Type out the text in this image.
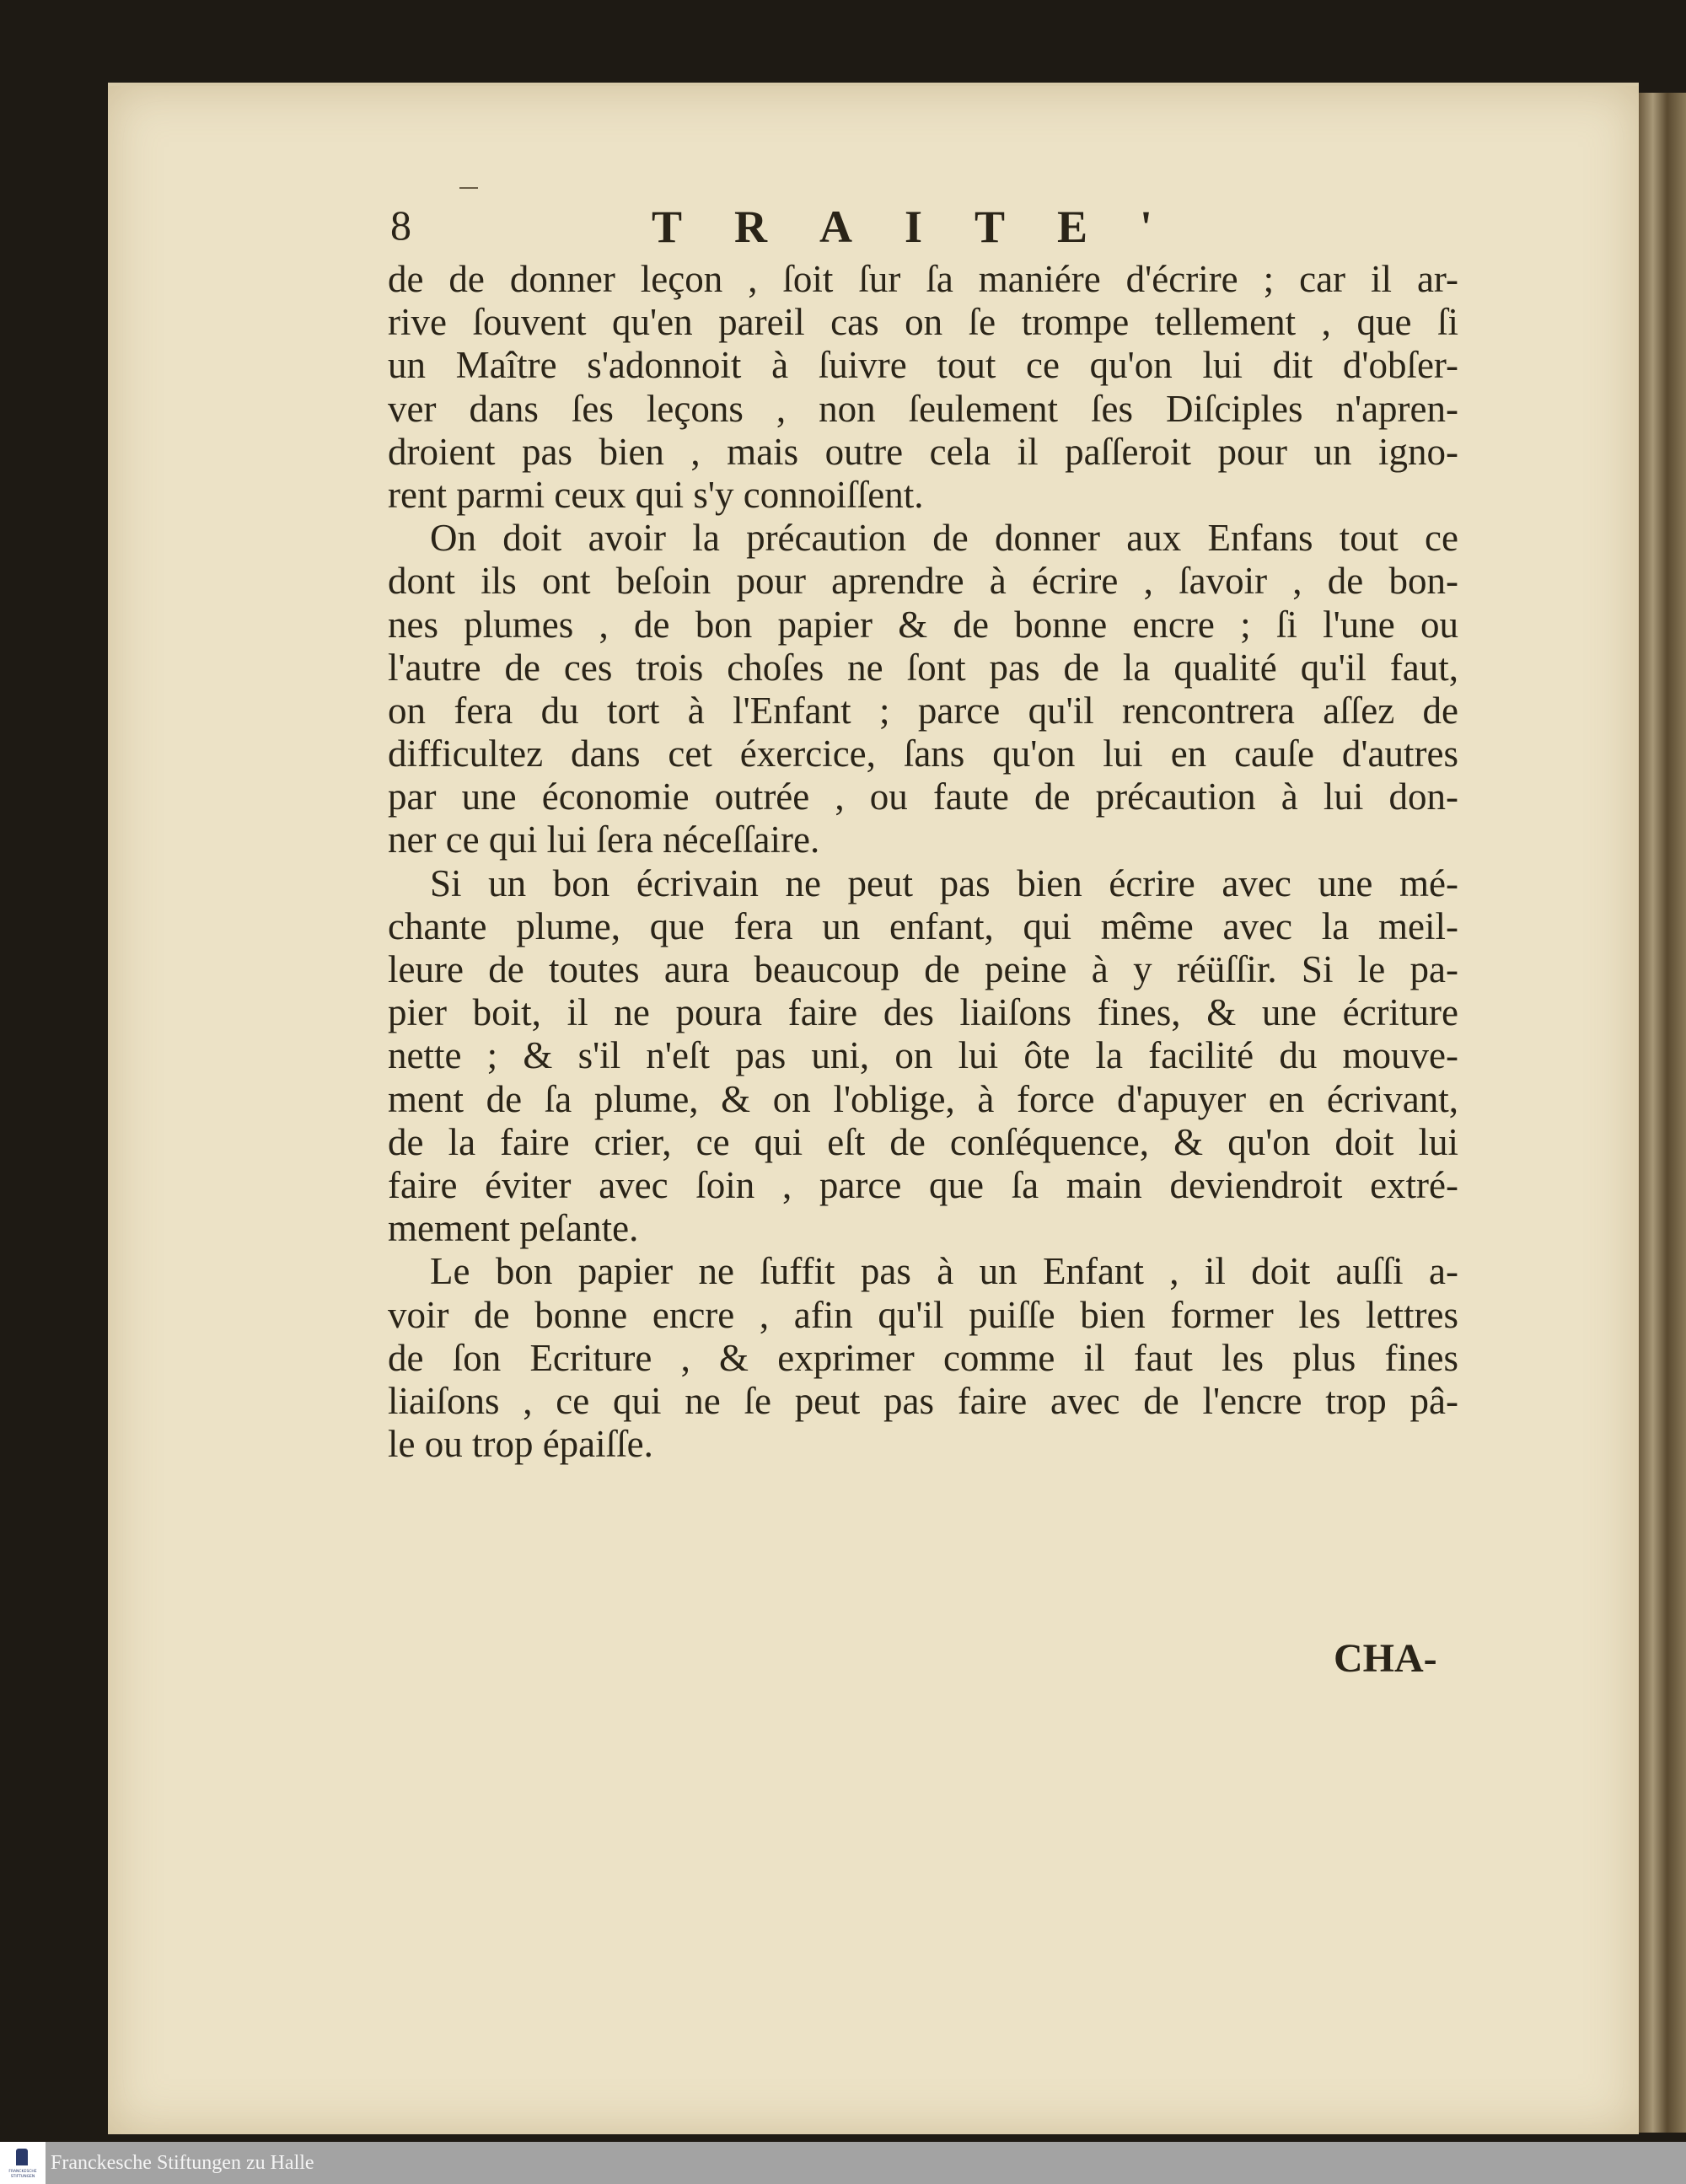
8	TRAITE'
de de donner leçon , ſoit ſur ſa maniére d'écrire ; car il ar-
rive ſouvent qu'en pareil cas on ſe trompe tellement , que ſi
un Maître s'adonnoit à ſuivre tout ce qu'on lui dit d'obſer-
ver dans ſes leçons , non ſeulement ſes Diſciples n'apren-
droient pas bien , mais outre cela il paſſeroit pour un igno-
rent parmi ceux qui s'y connoiſſent.
On doit avoir la précaution de donner aux Enfans tout ce
dont ils ont beſoin pour aprendre à écrire , ſavoir , de bon-
nes plumes , de bon papier & de bonne encre ; ſi l'une ou
l'autre de ces trois choſes ne ſont pas de la qualité qu'il faut,
on fera du tort à l'Enfant ; parce qu'il rencontrera aſſez de
difficultez dans cet éxercice, ſans qu'on lui en cauſe d'autres
par une économie outrée , ou faute de précaution à lui don-
ner ce qui lui ſera néceſſaire.
Si un bon écrivain ne peut pas bien écrire avec une mé-
chante plume, que fera un enfant, qui même avec la meil-
leure de toutes aura beaucoup de peine à y réüſſir. Si le pa-
pier boit, il ne poura faire des liaiſons fines, & une écriture
nette ; & s'il n'eſt pas uni, on lui ôte la facilité du mouve-
ment de ſa plume, & on l'oblige, à force d'apuyer en écrivant,
de la faire crier, ce qui eſt de conſéquence, & qu'on doit lui
faire éviter avec ſoin , parce que ſa main deviendroit extré-
mement peſante.
Le bon papier ne ſuffit pas à un Enfant , il doit auſſi a-
voir de bonne encre , afin qu'il puiſſe bien former les lettres
de ſon Ecriture , & exprimer comme il faut les plus fines
liaiſons , ce qui ne ſe peut pas faire avec de l'encre trop pâ-
le ou trop épaiſſe.
CHA-
FRANCKESCHE STIFTUNGEN
Franckesche Stiftungen zu Halle
